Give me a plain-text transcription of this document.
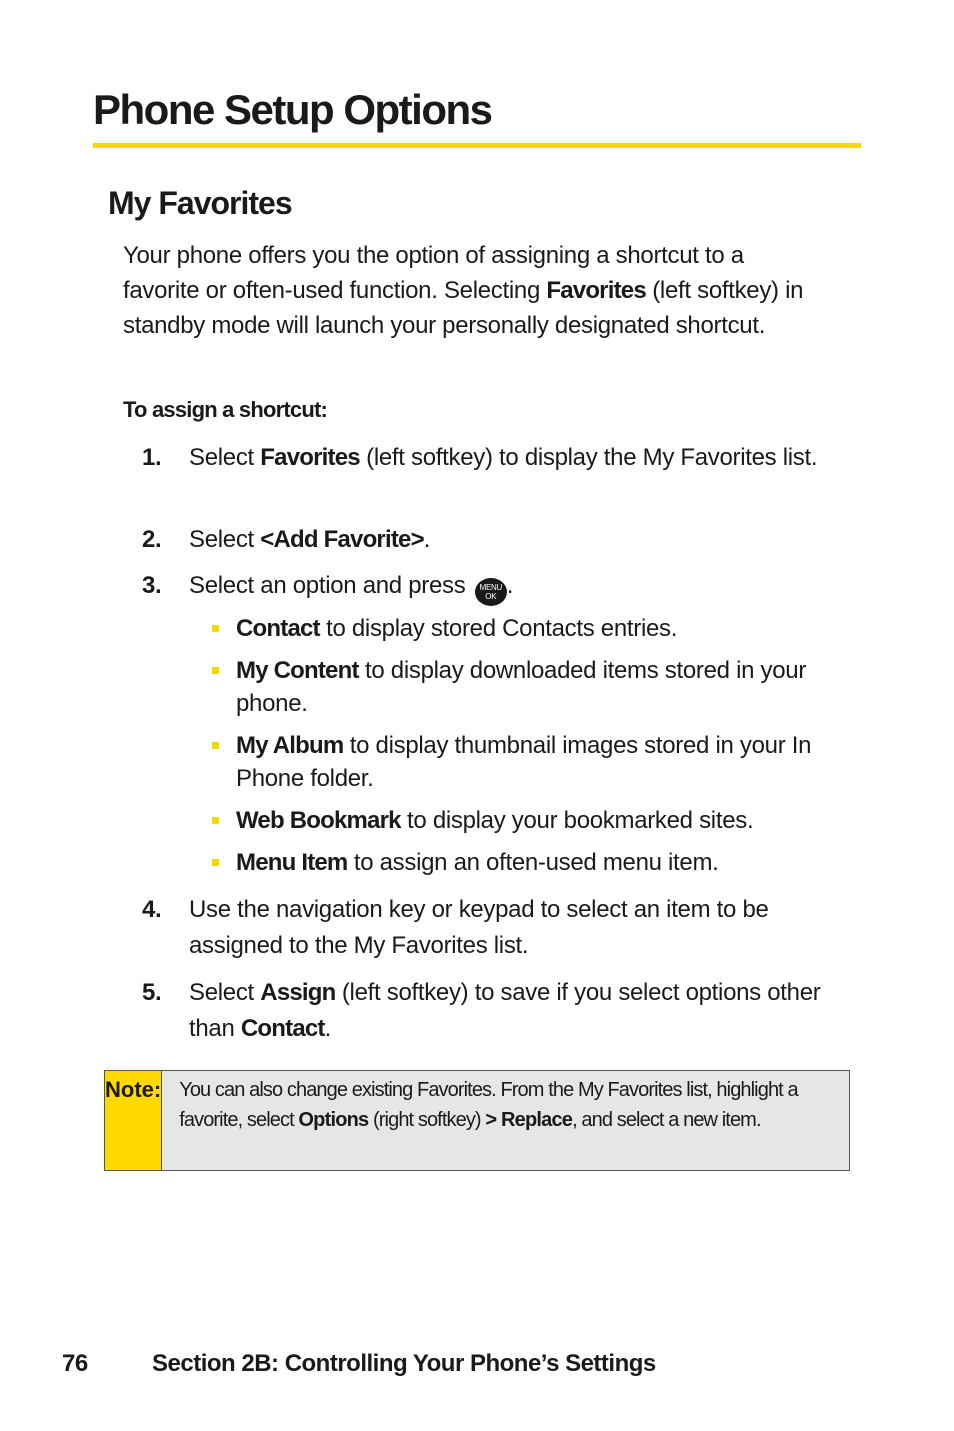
Phone Setup Options
My Favorites

Your phone offers you the option of assigning a shortcut to a favorite or often-used function. Selecting Favorites (left softkey) in standby mode will launch your personally designated shortcut.

To assign a shortcut:

1. Select Favorites (left softkey) to display the My Favorites list.
2. Select <Add Favorite>.
3. Select an option and press MENU
OK .
Contact to display stored Contacts entries.
My Content to display downloaded items stored in your phone.
My Album to display thumbnail images stored in your In Phone folder.
Web Bookmark to display your bookmarked sites.
Menu Item to assign an often-used menu item.
4. Use the navigation key or keypad to select an item to be assigned to the My Favorites list.
5. Select Assign (left softkey) to save if you select options other than Contact.
Note: You can also change existing Favorites. From the My Favorites list, highlight a favorite, select Options (right softkey) > Replace, and select a new item.
76	Section 2B: Controlling Your Phone’s Settings
